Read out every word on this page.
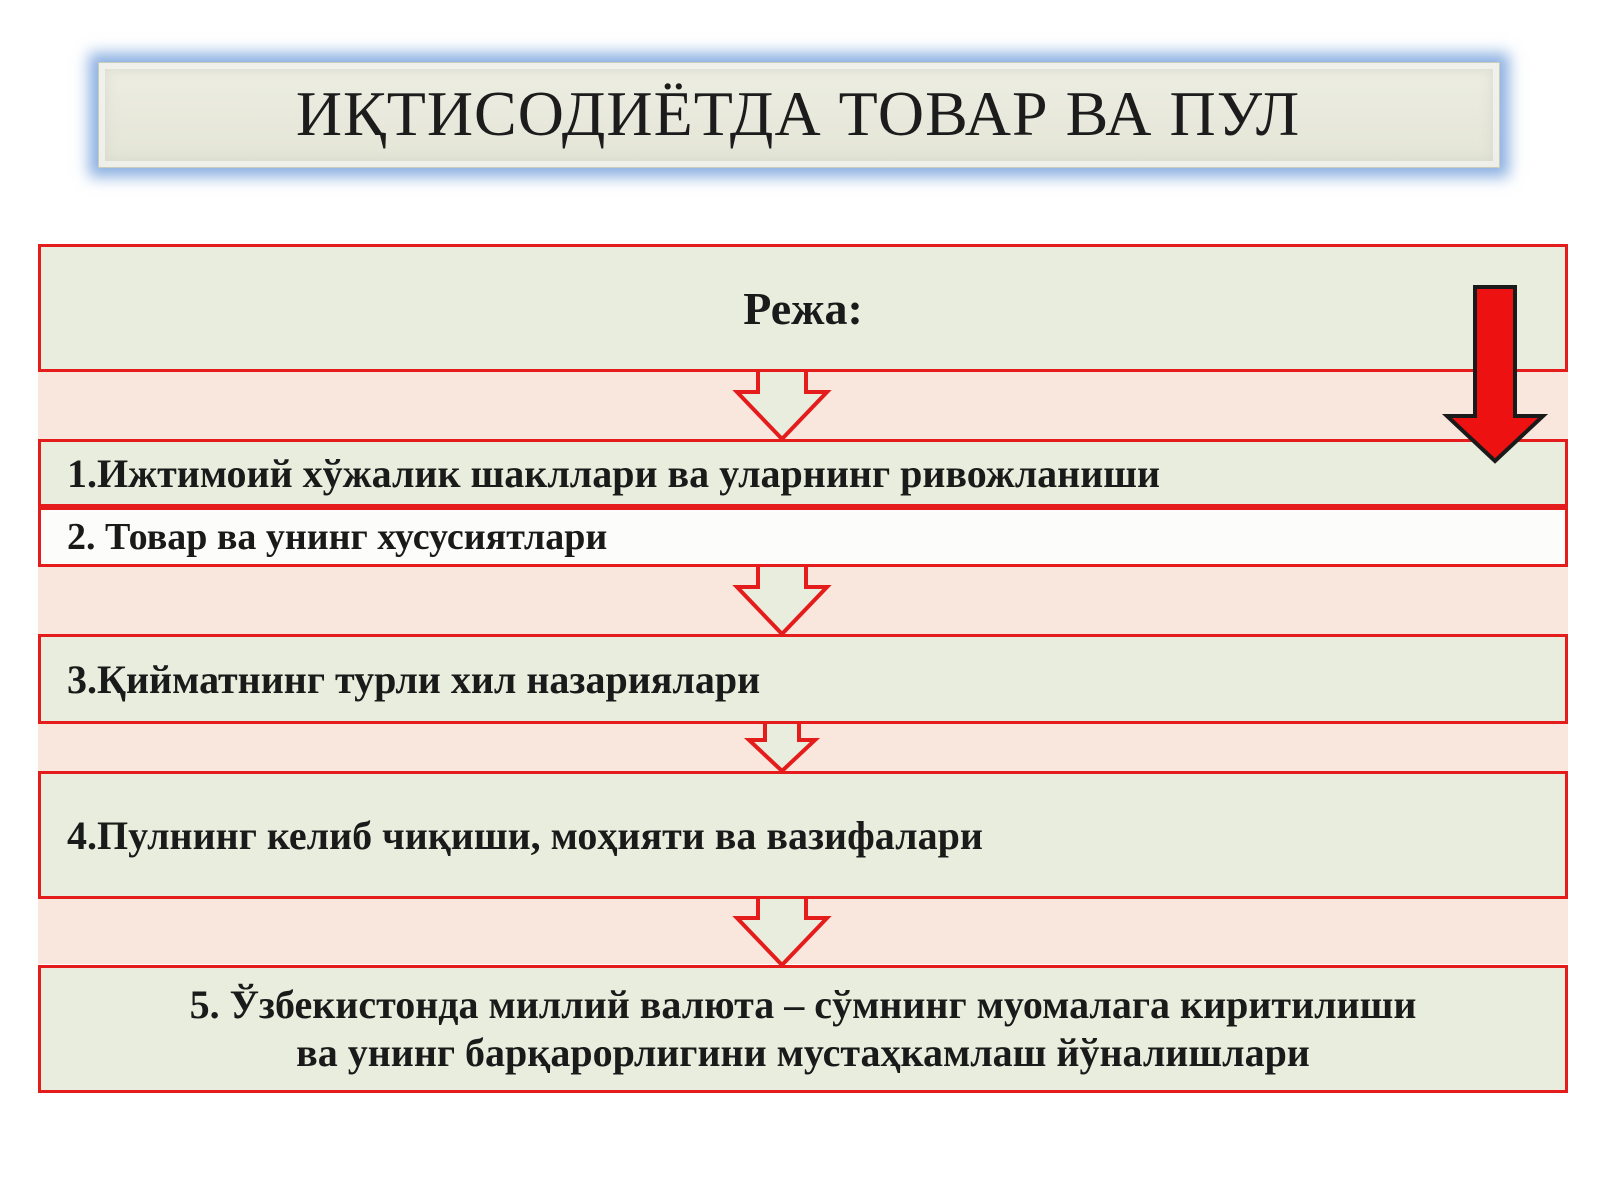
ИҚТИСОДИЁТДА ТОВАР ВА ПУЛ
Режа:
1.Ижтимоий хўжалик шакллари ва уларнинг ривожланиши
2. Товар ва унинг хусусиятлари
3.Қийматнинг турли хил назариялари
4.Пулнинг келиб чиқиши, моҳияти ва вазифалари
5. Ўзбекистонда миллий валюта – сўмнинг муомалага киритилиши
ва унинг барқарорлигини мустаҳкамлаш йўналишлари
